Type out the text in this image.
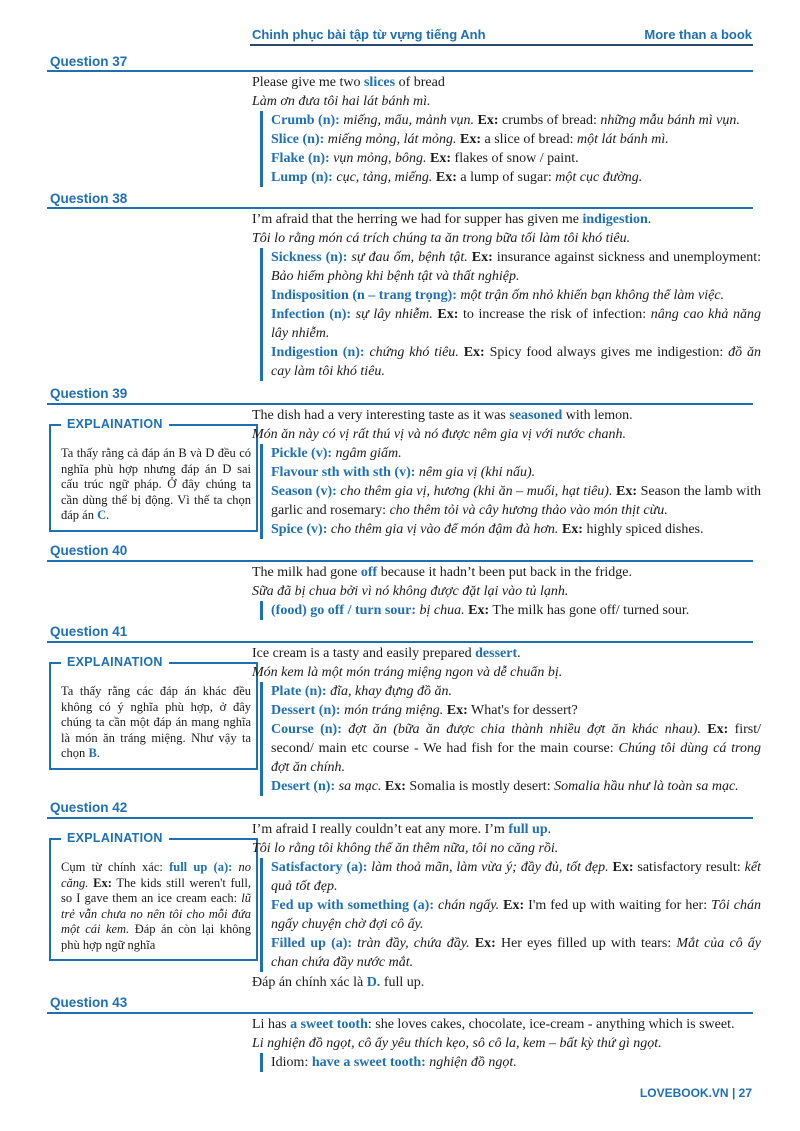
Chinh phục bài tập từ vựng tiếng Anh	More than a book
Question 37
Please give me two slices of bread
Làm ơn đưa tôi hai lát bánh mì.
Crumb (n): miếng, mẩu, mảnh vụn. Ex: crumbs of bread: những mẫu bánh mì vụn.
Slice (n): miếng mỏng, lát mỏng. Ex: a slice of bread: một lát bánh mì.
Flake (n): vụn mỏng, bông. Ex: flakes of snow / paint.
Lump (n): cục, tảng, miếng. Ex: a lump of sugar: một cục đường.
Question 38
I’m afraid that the herring we had for supper has given me indigestion.
Tôi lo rằng món cá trích chúng ta ăn trong bữa tối làm tôi khó tiêu.
Sickness (n): sự đau ốm, bệnh tật. Ex: insurance against sickness and unemployment: Bảo hiểm phòng khi bệnh tật và thất nghiệp.
Indisposition (n – trang trọng): một trận ốm nhỏ khiến bạn không thể làm việc.
Infection (n): sự lây nhiễm. Ex: to increase the risk of infection: nâng cao khả năng lây nhiễm.
Indigestion (n): chứng khó tiêu. Ex: Spicy food always gives me indigestion: đồ ăn cay làm tôi khó tiêu.
Question 39
EXPLAINATION
Ta thấy rằng cả đáp án B và D đều có nghĩa phù hợp nhưng đáp án D sai cấu trúc ngữ pháp. Ở đây chúng ta cần dùng thể bị động. Vì thế ta chọn đáp án C.
The dish had a very interesting taste as it was seasoned with lemon.
Món ăn này có vị rất thú vị và nó được nêm gia vị với nước chanh.
Pickle (v): ngâm giấm.
Flavour sth with sth (v): nêm gia vị (khi nấu).
Season (v): cho thêm gia vị, hương (khi ăn – muối, hạt tiêu). Ex: Season the lamb with garlic and rosemary: cho thêm tỏi và cây hương thảo vào món thịt cừu.
Spice (v): cho thêm gia vị vào để món đậm đà hơn. Ex: highly spiced dishes.
Question 40
The milk had gone off because it hadn’t been put back in the fridge.
Sữa đã bị chua bởi vì nó không được đặt lại vào tủ lạnh.
(food) go off / turn sour: bị chua. Ex: The milk has gone off/ turned sour.
Question 41
EXPLAINATION
Ta thấy rằng các đáp án khác đều không có ý nghĩa phù hợp, ở đây chúng ta cần một đáp án mang nghĩa là món ăn tráng miệng. Như vậy ta chọn B.
Ice cream is a tasty and easily prepared dessert.
Món kem là một món tráng miệng ngon và dễ chuẩn bị.
Plate (n): đĩa, khay đựng đồ ăn.
Dessert (n): món tráng miệng. Ex: What's for dessert?
Course (n): đợt ăn (bữa ăn được chia thành nhiều đợt ăn khác nhau). Ex: first/ second/ main etc course - We had fish for the main course: Chúng tôi dùng cá trong đợt ăn chính.
Desert (n): sa mạc. Ex: Somalia is mostly desert: Somalia hầu như là toàn sa mạc.
Question 42
EXPLAINATION
Cụm từ chính xác: full up (a): no căng. Ex: The kids still weren't full, so I gave them an ice cream each: lũ trẻ vẫn chưa no nên tôi cho mỗi đứa một cái kem. Đáp án còn lại không phù hợp ngữ nghĩa
I’m afraid I really couldn’t eat any more. I’m full up.
Tôi lo rằng tôi không thể ăn thêm nữa, tôi no căng rồi.
Satisfactory (a): làm thoả mãn, làm vừa ý; đầy đủ, tốt đẹp. Ex: satisfactory result: kết quả tốt đẹp.
Fed up with something (a): chán ngấy. Ex: I'm fed up with waiting for her: Tôi chán ngấy chuyện chờ đợi cô ấy.
Filled up (a): tràn đầy, chứa đầy. Ex: Her eyes filled up with tears: Mắt của cô ấy chan chứa đầy nước mắt.
Đáp án chính xác là D. full up.
Question 43
Li has a sweet tooth: she loves cakes, chocolate, ice-cream - anything which is sweet.
Li nghiện đồ ngọt, cô ấy yêu thích kẹo, sô cô la, kem – bất kỳ thứ gì ngọt.
Idiom: have a sweet tooth: nghiện đồ ngọt.
LOVEBOOK.VN | 27
